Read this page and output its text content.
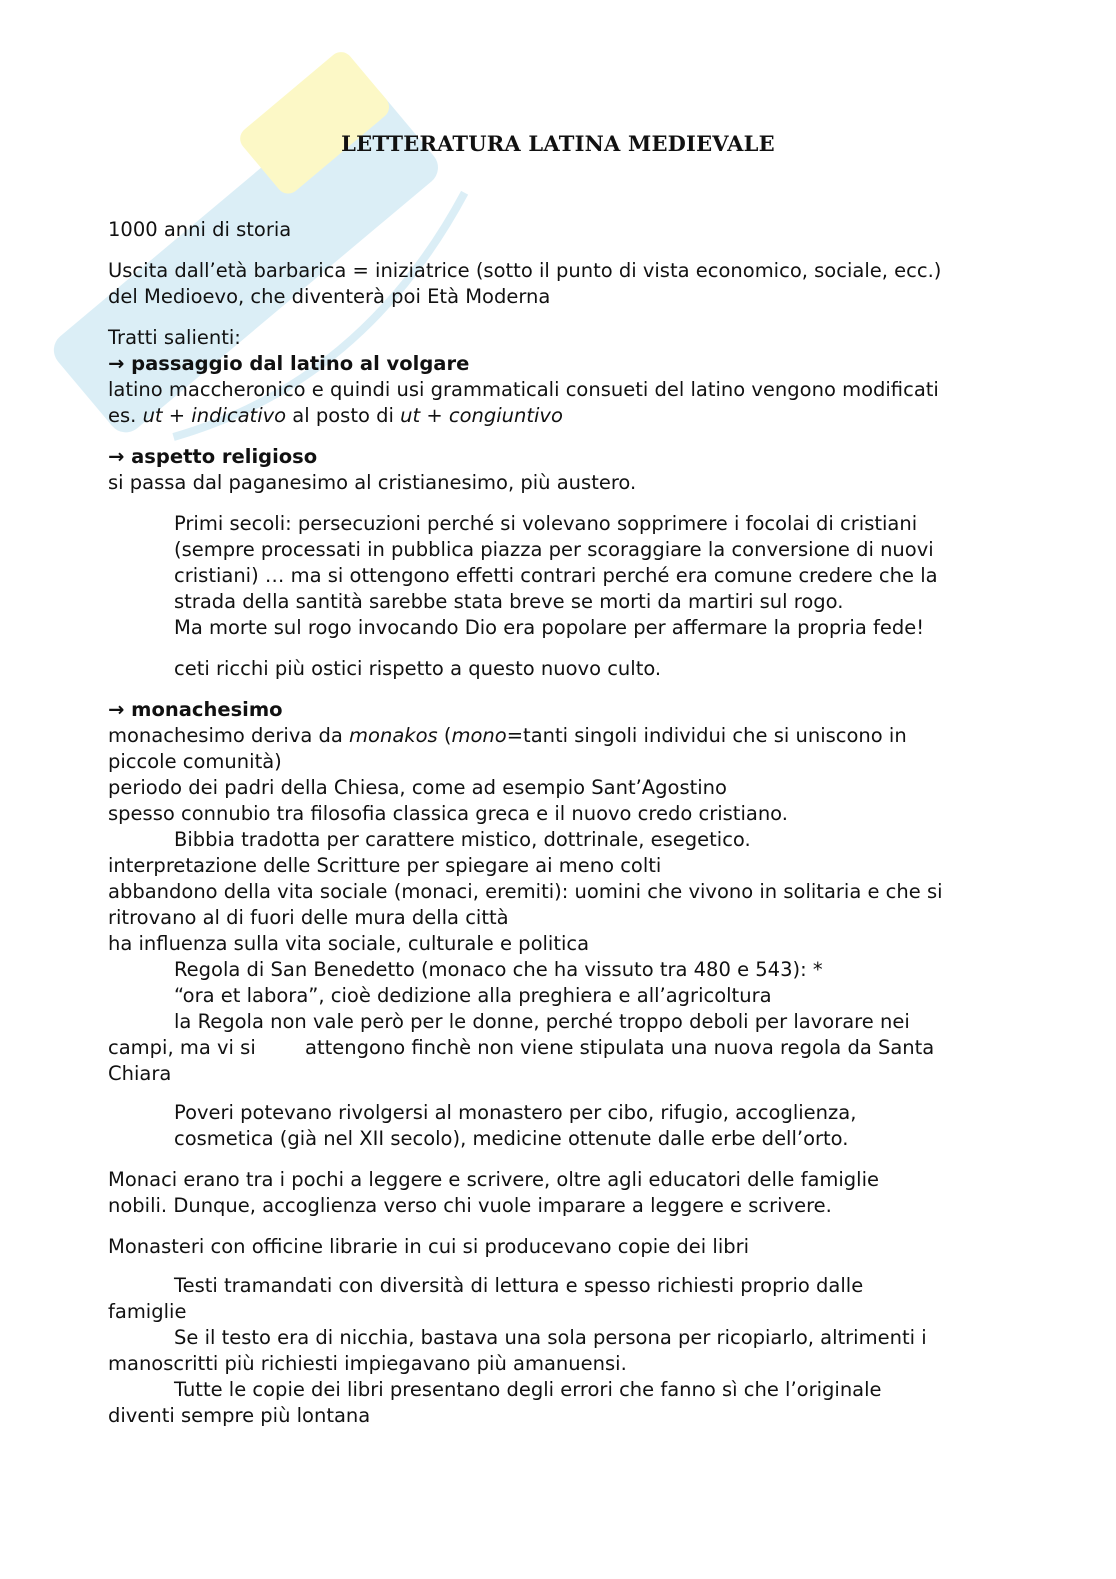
LETTERATURA LATINA MEDIEVALE

1000 anni di storia

Uscita dall’età barbarica = iniziatrice (sotto il punto di vista economico, sociale, ecc.)

del Medioevo, che diventerà poi Età Moderna

Tratti salienti:

→ passaggio dal latino al volgare

latino maccheronico e quindi usi grammaticali consueti del latino vengono modificati

es. ut + indicativo al posto di ut + congiuntivo

→ aspetto religioso

si passa dal paganesimo al cristianesimo, più austero.

Primi secoli: persecuzioni perché si volevano sopprimere i focolai di cristiani

(sempre processati in pubblica piazza per scoraggiare la conversione di nuovi

cristiani) … ma si ottengono effetti contrari perché era comune credere che la

strada della santità sarebbe stata breve se morti da martiri sul rogo.

Ma morte sul rogo invocando Dio era popolare per affermare la propria fede!

ceti ricchi più ostici rispetto a questo nuovo culto.

→ monachesimo

monachesimo deriva da monakos (mono=tanti singoli individui che si uniscono in

piccole comunità)

periodo dei padri della Chiesa, come ad esempio Sant’Agostino

spesso connubio tra filosofia classica greca e il nuovo credo cristiano.

Bibbia tradotta per carattere mistico, dottrinale, esegetico.

interpretazione delle Scritture per spiegare ai meno colti

abbandono della vita sociale (monaci, eremiti): uomini che vivono in solitaria e che si

ritrovano al di fuori delle mura della città

ha influenza sulla vita sociale, culturale e politica

Regola di San Benedetto (monaco che ha vissuto tra 480 e 543): *

“ora et labora”, cioè dedizione alla preghiera e all’agricoltura

la Regola non vale però per le donne, perché troppo deboli per lavorare nei

campi, ma vi si	attengono finchè non viene stipulata una nuova regola da Santa

Chiara

Poveri potevano rivolgersi al monastero per cibo, rifugio, accoglienza,

cosmetica (già nel XII secolo), medicine ottenute dalle erbe dell’orto.

Monaci erano tra i pochi a leggere e scrivere, oltre agli educatori delle famiglie

nobili. Dunque, accoglienza verso chi vuole imparare a leggere e scrivere.

Monasteri con officine librarie in cui si producevano copie dei libri

Testi tramandati con diversità di lettura e spesso richiesti proprio dalle

famiglie

Se il testo era di nicchia, bastava una sola persona per ricopiarlo, altrimenti i

manoscritti più richiesti impiegavano più amanuensi.

Tutte le copie dei libri presentano degli errori che fanno sì che l’originale

diventi sempre più lontana
